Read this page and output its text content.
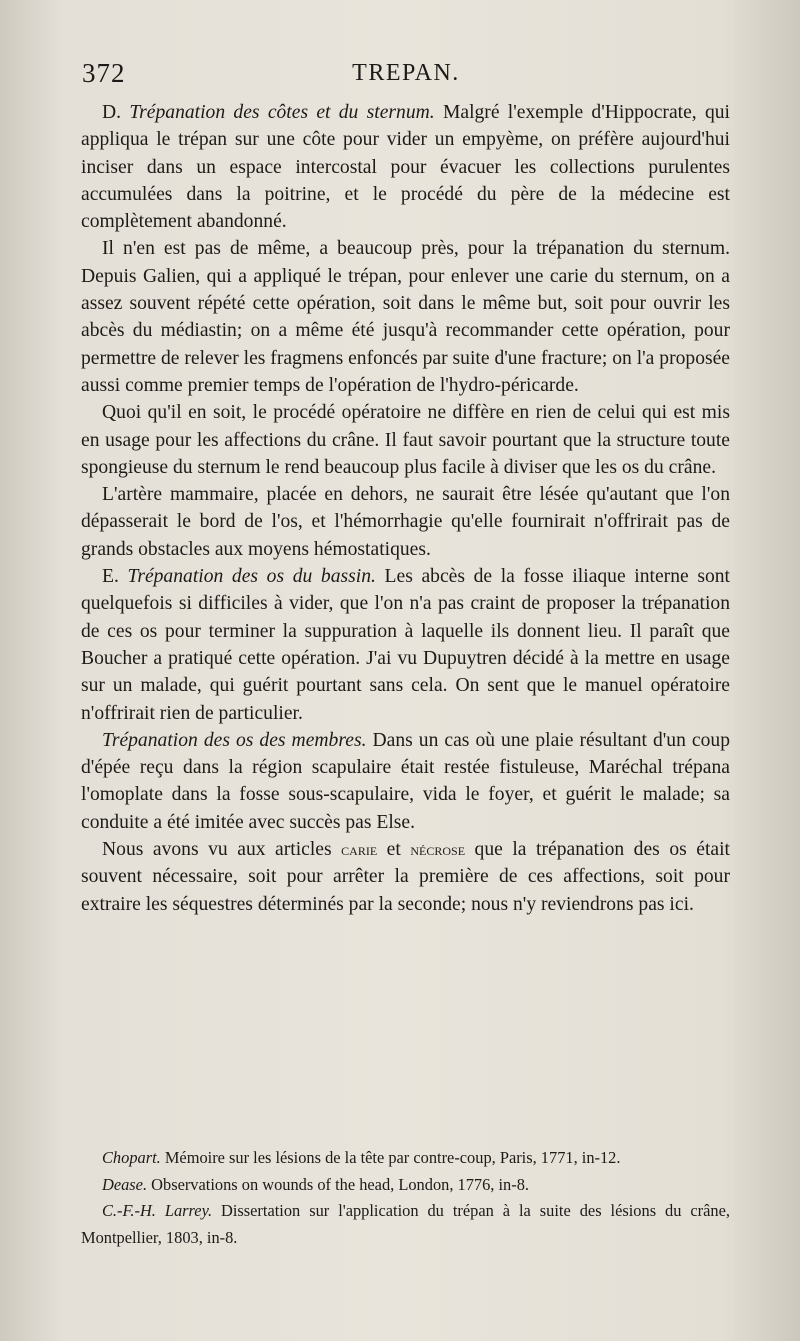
372	TREPAN.

D. Trépanation des côtes et du sternum. Malgré l'exemple d'Hippocrate, qui appliqua le trépan sur une côte pour vider un empyème, on préfère aujourd'hui inciser dans un espace intercostal pour évacuer les collections purulentes accumulées dans la poitrine, et le procédé du père de la médecine est complètement abandonné.

Il n'en est pas de même, a beaucoup près, pour la trépanation du sternum. Depuis Galien, qui a appliqué le trépan, pour enlever une carie du sternum, on a assez souvent répété cette opération, soit dans le même but, soit pour ouvrir les abcès du médiastin; on a même été jusqu'à recommander cette opération, pour permettre de relever les fragmens enfoncés par suite d'une fracture; on l'a proposée aussi comme premier temps de l'opération de l'hydro-péricarde.

Quoi qu'il en soit, le procédé opératoire ne diffère en rien de celui qui est mis en usage pour les affections du crâne. Il faut savoir pourtant que la structure toute spongieuse du sternum le rend beaucoup plus facile à diviser que les os du crâne.

L'artère mammaire, placée en dehors, ne saurait être lésée qu'autant que l'on dépasserait le bord de l'os, et l'hémorrhagie qu'elle fournirait n'offrirait pas de grands obstacles aux moyens hémostatiques.

E. Trépanation des os du bassin. Les abcès de la fosse iliaque interne sont quelquefois si difficiles à vider, que l'on n'a pas craint de proposer la trépanation de ces os pour terminer la suppuration à laquelle ils donnent lieu. Il paraît que Boucher a pratiqué cette opération. J'ai vu Dupuytren décidé à la mettre en usage sur un malade, qui guérit pourtant sans cela. On sent que le manuel opératoire n'offrirait rien de particulier.

Trépanation des os des membres. Dans un cas où une plaie résultant d'un coup d'épée reçu dans la région scapulaire était restée fistuleuse, Maréchal trépana l'omoplate dans la fosse sous-scapulaire, vida le foyer, et guérit le malade; sa conduite a été imitée avec succès pas Else.

Nous avons vu aux articles carie et nécrose que la trépanation des os était souvent nécessaire, soit pour arrêter la première de ces affections, soit pour extraire les séquestres déterminés par la seconde; nous n'y reviendrons pas ici.

Chopart. Mémoire sur les lésions de la tête par contre-coup, Paris, 1771, in-12.

Dease. Observations on wounds of the head, London, 1776, in-8.

C.-F.-H. Larrey. Dissertation sur l'application du trépan à la suite des lésions du crâne, Montpellier, 1803, in-8.
